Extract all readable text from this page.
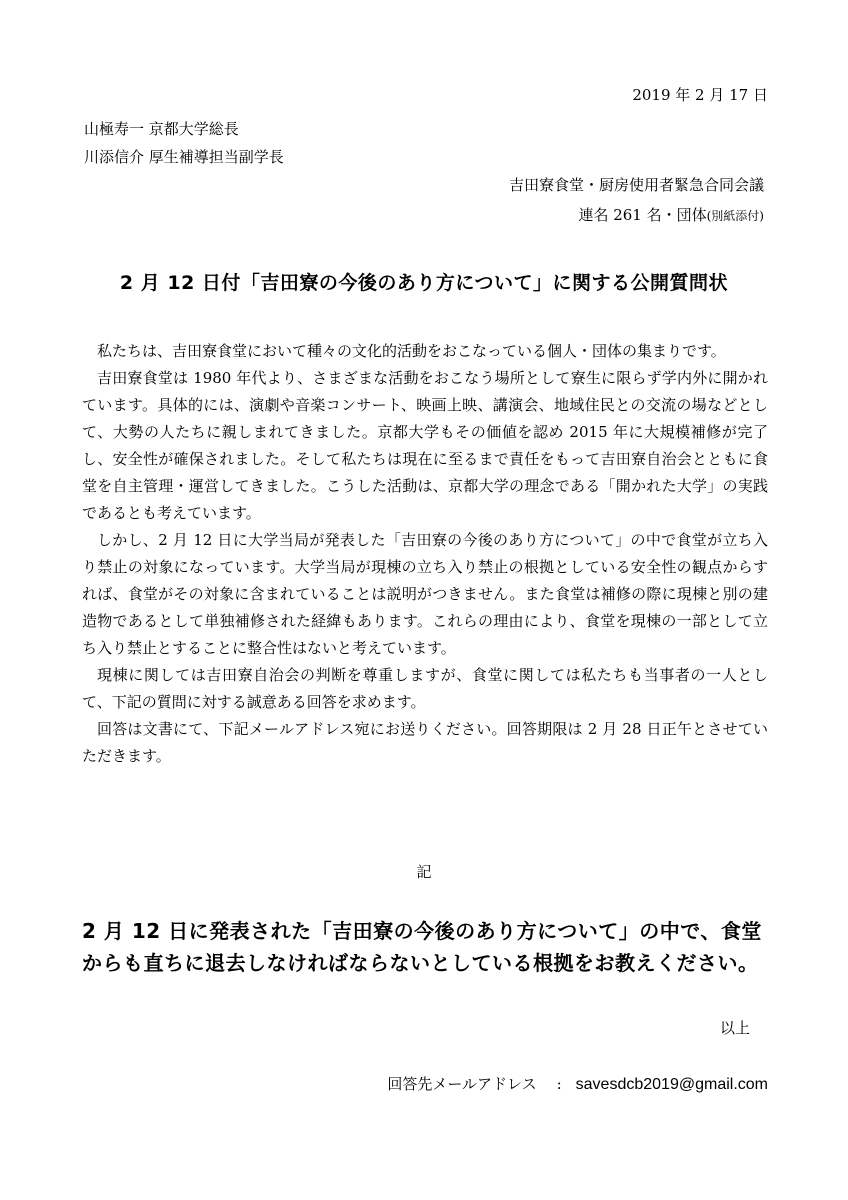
2019 年 2 月 17 日
山極寿一 京都大学総長
川添信介 厚生補導担当副学長
吉田寮食堂・厨房使用者緊急合同会議
連名 261 名・団体(別紙添付)
2 月 12 日付「吉田寮の今後のあり方について」に関する公開質問状

私たちは、吉田寮食堂において種々の文化的活動をおこなっている個人・団体の集まりです。

吉田寮食堂は 1980 年代より、さまざまな活動をおこなう場所として寮生に限らず学内外に開かれています。具体的には、演劇や音楽コンサート、映画上映、講演会、地域住民との交流の場などとして、大勢の人たちに親しまれてきました。京都大学もその価値を認め 2015 年に大規模補修が完了し、安全性が確保されました。そして私たちは現在に至るまで責任をもって吉田寮自治会とともに食堂を自主管理・運営してきました。こうした活動は、京都大学の理念である「開かれた大学」の実践であるとも考えています。

しかし、2 月 12 日に大学当局が発表した「吉田寮の今後のあり方について」の中で食堂が立ち入り禁止の対象になっています。大学当局が現棟の立ち入り禁止の根拠としている安全性の観点からすれば、食堂がその対象に含まれていることは説明がつきません。また食堂は補修の際に現棟と別の建造物であるとして単独補修された経緯もあります。これらの理由により、食堂を現棟の一部として立ち入り禁止とすることに整合性はないと考えています。

現棟に関しては吉田寮自治会の判断を尊重しますが、食堂に関しては私たちも当事者の一人として、下記の質問に対する誠意ある回答を求めます。

回答は文書にて、下記メールアドレス宛にお送りください。回答期限は 2 月 28 日正午とさせていただきます。

記
2 月 12 日に発表された「吉田寮の今後のあり方について」の中で、食堂からも直ちに退去しなければならないとしている根拠をお教えください。
以上
回答先メールアドレス : savesdcb2019@gmail.com
